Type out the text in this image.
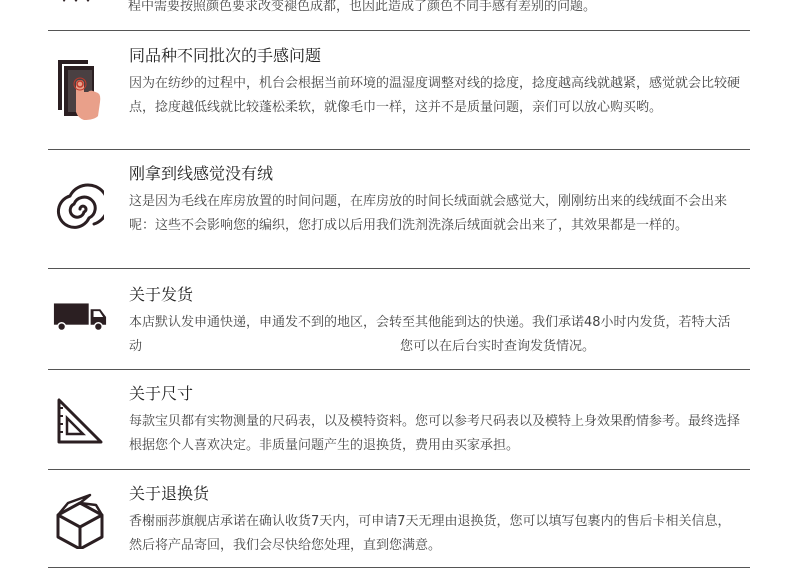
程中需要按照颜色要求改变褪色成都，也因此造成了颜色不同手感有差别的问题。
同品种不同批次的手感问题
因为在纺纱的过程中，机台会根据当前环境的温湿度调整对线的捻度，捻度越高线就越紧，感觉就会比较硬点，捻度越低线就比较蓬松柔软，就像毛巾一样，这并不是质量问题，亲们可以放心购买哟。
刚拿到线感觉没有绒
这是因为毛线在库房放置的时间问题，在库房放的时间长绒面就会感觉大，刚刚纺出来的线绒面不会出来呢：这些不会影响您的编织，您打成以后用我们洗剂洗涤后绒面就会出来了，其效果都是一样的。
关于发货
本店默认发申通快递，申通发不到的地区，会转至其他能到达的快递。我们承诺48小时内发货，若特大活动	您可以在后台实时查询发货情况。
关于尺寸
每款宝贝都有实物测量的尺码表，以及模特资料。您可以参考尺码表以及模特上身效果酌情参考。最终选择根据您个人喜欢决定。非质量问题产生的退换货，费用由买家承担。
关于退换货
香榭丽莎旗舰店承诺在确认收货7天内，可申请7天无理由退换货，您可以填写包裹内的售后卡相关信息，然后将产品寄回，我们会尽快给您处理，直到您满意。
